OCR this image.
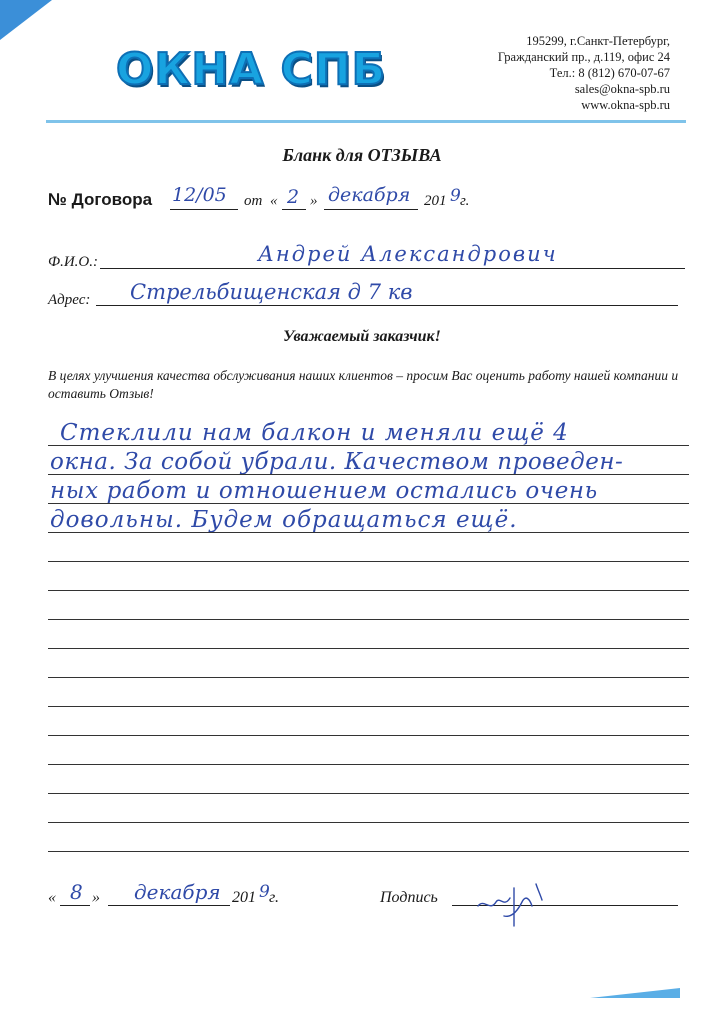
ОКНА СПБ
195299, г.Санкт-Петербург,
Гражданский пр., д.119, офис 24
Тел.: 8 (812) 670-07-67
sales@okna-spb.ru
www.okna-spb.ru
Бланк для ОТЗЫВА
№ Договора 12/05 от « 2 » декабря 201 9 г.
Ф.И.О.:	Андрей Александрович
Адрес: Стрельбищенская д 7 кв
Уважаемый заказчик!
В целях улучшения качества обслуживания наших клиентов – просим Вас оценить работу нашей компании и оставить Отзыв!
Стеклили нам балкон и меняли ещё 4
окна. За собой убрали. Качеством проведен-
ных работ и отношением остались очень
довольны. Будем обращаться ещё.
« 8 » декабря 201 9 г.	Подпись
